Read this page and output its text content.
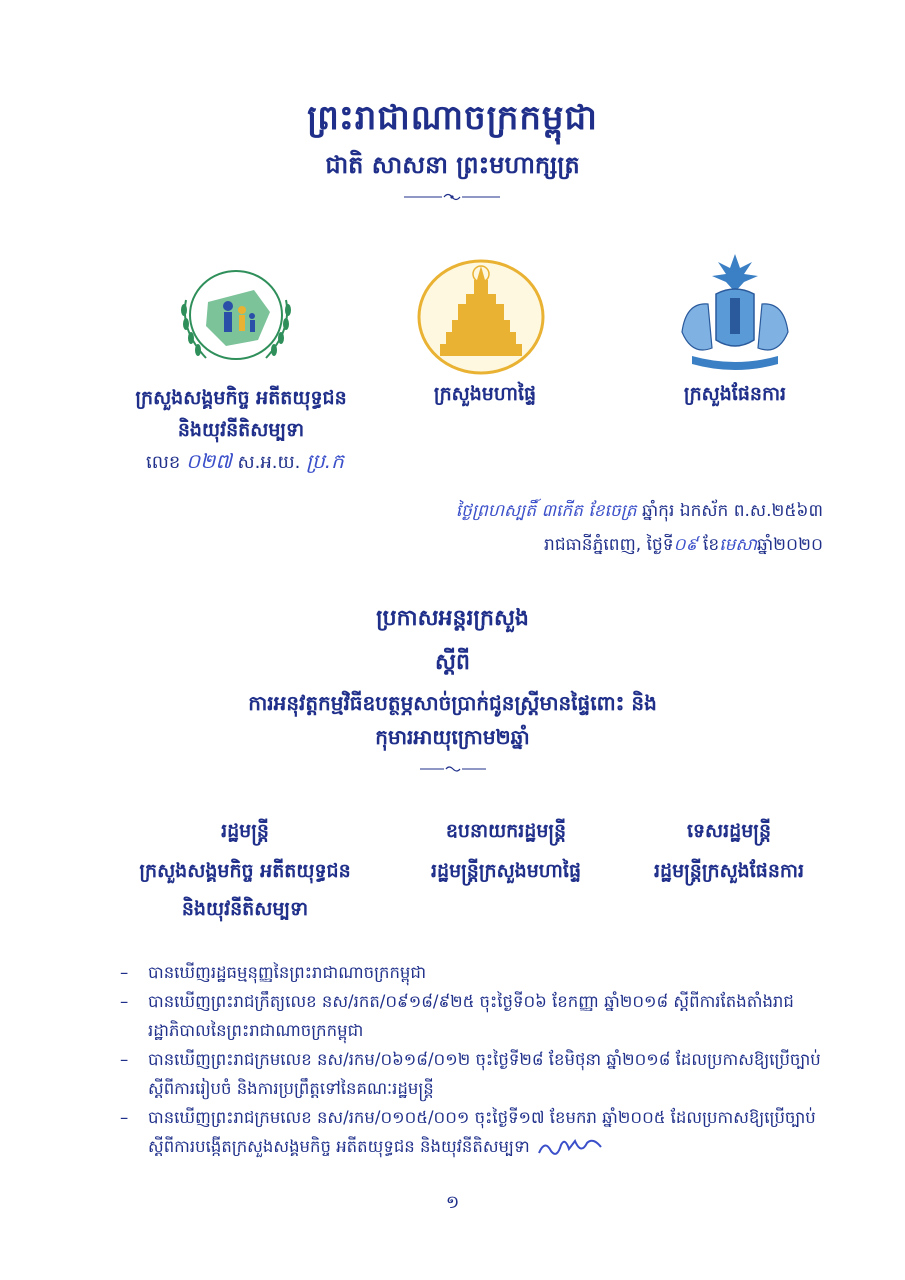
ព្រះរាជាណាចក្រកម្ពុជា
ជាតិ សាសនា ព្រះមហាក្សត្រ
ក្រសួងសង្គមកិច្ច អតីតយុទ្ធជន
និងយុវនីតិសម្បទា
ក្រសួងមហាផ្ទៃ	ក្រសួងផែនការ
លេខ ០២៧ ស.អ.យ. ប្រ.ក
ថ្ងៃព្រហស្បតិ៍ ៣កើត ខែចេត្រ ឆ្នាំកុរ ឯកស័ក ព.ស.២៥៦៣
រាជធានីភ្នំពេញ, ថ្ងៃទី០៩ ខែមេសាឆ្នាំ២០២០
ប្រកាសអន្តរក្រសួង
ស្តីពី
ការអនុវត្តកម្មវិធីឧបត្ថម្ភសាច់ប្រាក់ជូនស្ត្រីមានផ្ទៃពោះ និង
កុមារអាយុក្រោម២ឆ្នាំ
រដ្ឋមន្ត្រី
ក្រសួងសង្គមកិច្ច អតីតយុទ្ធជន
និងយុវនីតិសម្បទា
ឧបនាយករដ្ឋមន្ត្រី
រដ្ឋមន្ត្រីក្រសួងមហាផ្ទៃ
ទេសរដ្ឋមន្ត្រី
រដ្ឋមន្ត្រីក្រសួងផែនការ
– បានឃើញរដ្ឋធម្មនុញ្ញនៃព្រះរាជាណាចក្រកម្ពុជា
– បានឃើញព្រះរាជក្រឹត្យលេខ នស/រកត/០៩១៨/៩២៥ ចុះថ្ងៃទី០៦ ខែកញ្ញា ឆ្នាំ២០១៨ ស្តីពីការតែងតាំងរាជរដ្ឋាភិបាលនៃព្រះរាជាណាចក្រកម្ពុជា
– បានឃើញព្រះរាជក្រមលេខ នស/រកម/០៦១៨/០១២ ចុះថ្ងៃទី២៨ ខែមិថុនា ឆ្នាំ២០១៨ ដែលប្រកាសឱ្យប្រើច្បាប់ស្តីពីការរៀបចំ និងការប្រព្រឹត្តទៅនៃគណៈរដ្ឋមន្ត្រី
– បានឃើញព្រះរាជក្រមលេខ នស/រកម/០១០៥/០០១ ចុះថ្ងៃទី១៧ ខែមករា ឆ្នាំ២០០៥ ដែលប្រកាសឱ្យប្រើច្បាប់ស្តីពីការបង្កើតក្រសួងសង្គមកិច្ច អតីតយុទ្ធជន និងយុវនីតិសម្បទា
១
